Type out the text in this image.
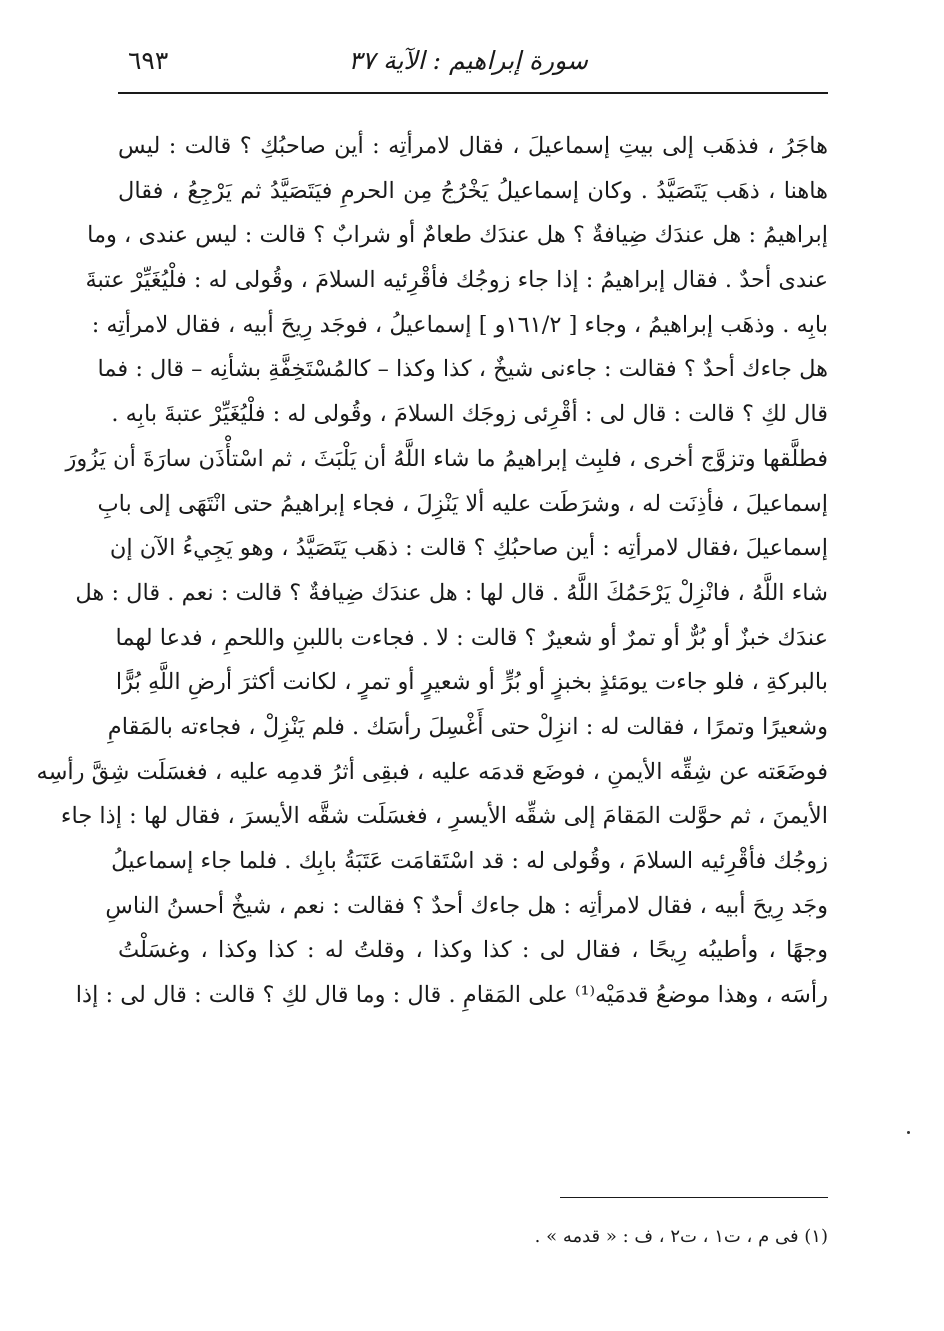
سورة إبراهيم : الآية ٣٧
٦٩٣
هاجَرُ ، فذهَب إلى بيتِ إسماعيلَ ، فقال لامرأتِه : أين صاحبُكِ ؟ قالت : ليس
هاهنا ، ذهَب يَتَصَيَّدُ . وكان إسماعيلُ يَخْرُجُ مِن الحرمِ فيَتَصَيَّدُ ثم يَرْجِعُ ، فقال
إبراهيمُ : هل عندَك ضِيافةٌ ؟ هل عندَك طعامٌ أو شرابٌ ؟ قالت : ليس عندى ، وما
عندى أحدٌ . فقال إبراهيمُ : إذا جاء زوجُك فأقْرِئيه السلامَ ، وقُولى له : فلْيُغَيِّرْ عتبةَ
بابِه . وذهَب إبراهيمُ ، وجاء [ ١٦١/٢و ] إسماعيلُ ، فوجَد رِيحَ أبيه ، فقال لامرأتِه :
هل جاءك أحدٌ ؟ فقالت : جاءنى شيخٌ ، كذا وكذا – كالمُسْتَخِفَّةِ بشأنِه – قال : فما
قال لكِ ؟ قالت : قال لى : أقْرِئى زوجَك السلامَ ، وقُولى له : فلْيُغَيِّرْ عتبةَ بابِه .
فطلَّقها وتزوَّج أخرى ، فلبِث إبراهيمُ ما شاء اللَّهُ أن يَلْبَثَ ، ثم اسْتأْذَن سارَةَ أن يَزُورَ
إسماعيلَ ، فأذِنَت له ، وشرَطَت عليه ألا يَنْزِلَ ، فجاء إبراهيمُ حتى انْتَهَى إلى بابِ
إسماعيلَ ،فقال لامرأتِه : أين صاحبُكِ ؟ قالت : ذهَب يَتَصَيَّدُ ، وهو يَجِيءُ الآن إن
شاء اللَّهُ ، فانْزِلْ يَرْحَمُكَ اللَّهُ . قال لها : هل عندَك ضِيافةٌ ؟ قالت : نعم . قال : هل
عندَك خبزٌ أو بُرٌّ أو تمرٌ أو شعيرٌ ؟ قالت : لا . فجاءت باللبنِ واللحمِ ، فدعا لهما
بالبركةِ ، فلو جاءت يومَئذٍ بخبزٍ أو بُرٍّ أو شعيرٍ أو تمرٍ ، لكانت أكثرَ أرضِ اللَّهِ بُرًّا
وشعيرًا وتمرًا ، فقالت له : انزِلْ حتى أَغْسِلَ رأسَك . فلم يَنْزِلْ ، فجاءته بالمَقامِ
فوضَعَته عن شِقِّه الأيمنِ ، فوضَع قدمَه عليه ، فبقِى أثرُ قدمِه عليه ، فغسَلَت شِقَّ رأسِه
الأيمنَ ، ثم حوَّلت المَقامَ إلى شقِّه الأيسرِ ، فغسَلَت شقَّه الأيسرَ ، فقال لها : إذا جاء
زوجُك فأقْرِئيه السلامَ ، وقُولى له : قد اسْتَقامَت عَتَبَةُ بابِك . فلما جاء إسماعيلُ
وجَد رِيحَ أبيه ، فقال لامرأتِه : هل جاءك أحدٌ ؟ فقالت : نعم ، شيخٌ أحسنُ الناسِ
وجهًا ، وأطيبُه رِيحًا ، فقال لى : كذا وكذا ، وقلتُ له : كذا وكذا ، وغسَلْتُ
رأسَه ، وهذا موضعُ قدمَيْه⁽¹⁾ على المَقامِ . قال : وما قال لكِ ؟ قالت : قال لى : إذا
(١) فى م ، ت١ ، ت٢ ، ف : « قدمه » .
